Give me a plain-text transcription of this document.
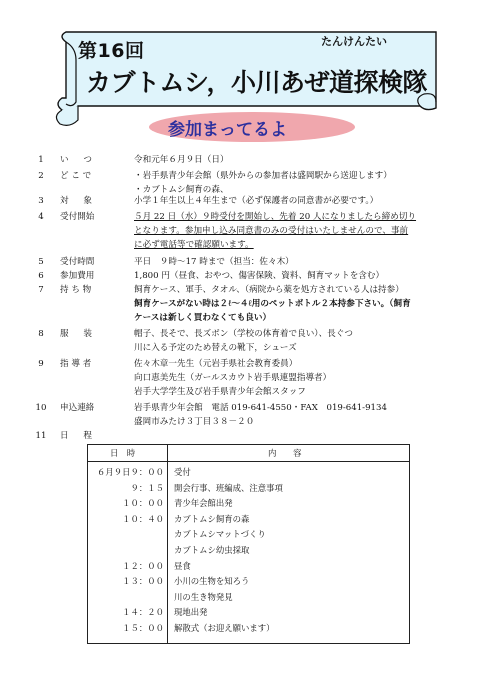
第16回	たんけんたい
カブトムシ，小川あぜ道探検隊
参加まってるよ
1	い つ	令和元年６月９日（日）
2	ど こ で	・岩手県青少年会館（県外からの参加者は盛岡駅から送迎します）
・カブトムシ飼育の森、
3	対 象	小学１年生以上４年生まで（必ず保護者の同意書が必要です。）
4	受付開始	５月 22 日（水）９時受付を開始し、先着 20 人になりましたら締め切り
となります。参加申し込み同意書のみの受付はいたしませんので、事前
に必ず電話等で確認願います。
5	受付時間	平日　９時～17 時まで（担当：佐々木）
6	参加費用	1,800 円（昼食、おやつ、傷害保険、資料、飼育マットを含む）
7	持 ち 物	飼育ケース、軍手、タオル、（病院から薬を処方されている人は持参）
飼育ケースがない時は２ℓ～４ℓ用のペットボトル２本持参下さい。（飼育
ケースは新しく買わなくても良い）
8	服 装	帽子、長そで、長ズボン（学校の体育着で良い）、長ぐつ
川に入る予定のため替えの靴下，シューズ
9	指 導 者	佐々木章一先生（元岩手県社会教育委員）
向口恵美先生（ガールスカウト岩手県連盟指導者）
岩手大学学生及び岩手県青少年会館スタッフ
10 申込連絡	岩手県青少年会館　電話 019-641-4550・FAX　019-641-9134
盛岡市みたけ３丁目３８－２０
11 日 程
日　時	内　　容
６月９日９：００ 受付
９：１５ 開会行事、班編成、注意事項
１０：００ 青少年会館出発
１０：４０ カブトムシ飼育の森
カブトムシマットづくり
カブトムシ幼虫採取
１２：００ 昼食
１３：００ 小川の生物を知ろう
川の生き物発見
１４：２０ 現地出発
１５：００ 解散式（お迎え願います）
